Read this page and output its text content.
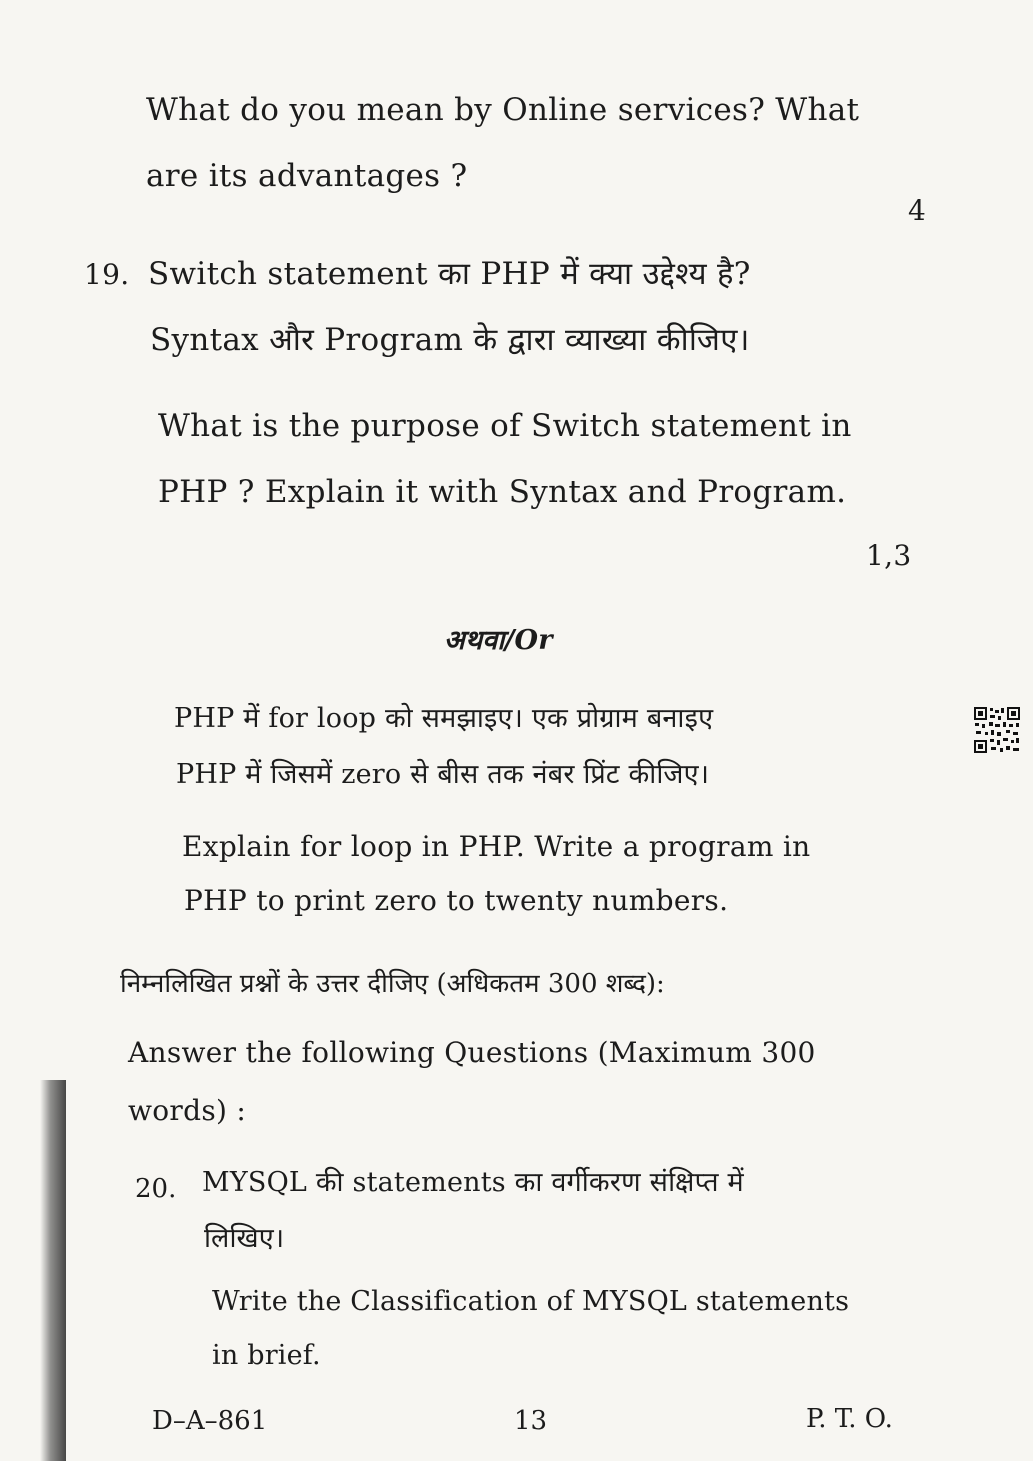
What do you mean by Online services? What
are its advantages ?
4
19. Switch statement का PHP में क्या उद्देश्य है?
Syntax और Program के द्वारा व्याख्या कीजिए।
What is the purpose of Switch statement in
PHP ? Explain it with Syntax and Program.
1,3
अथवा/Or
PHP में for loop को समझाइए। एक प्रोग्राम बनाइए
PHP में जिसमें zero से बीस तक नंबर प्रिंट कीजिए।
Explain for loop in PHP. Write a program in
PHP to print zero to twenty numbers.
निम्नलिखित प्रश्नों के उत्तर दीजिए (अधिकतम 300 शब्द):
Answer the following Questions (Maximum 300
words) :
20. MYSQL की statements का वर्गीकरण संक्षिप्त में
लिखिए।
Write the Classification of MYSQL statements
in brief.
D–A–861	13	P. T. O.
